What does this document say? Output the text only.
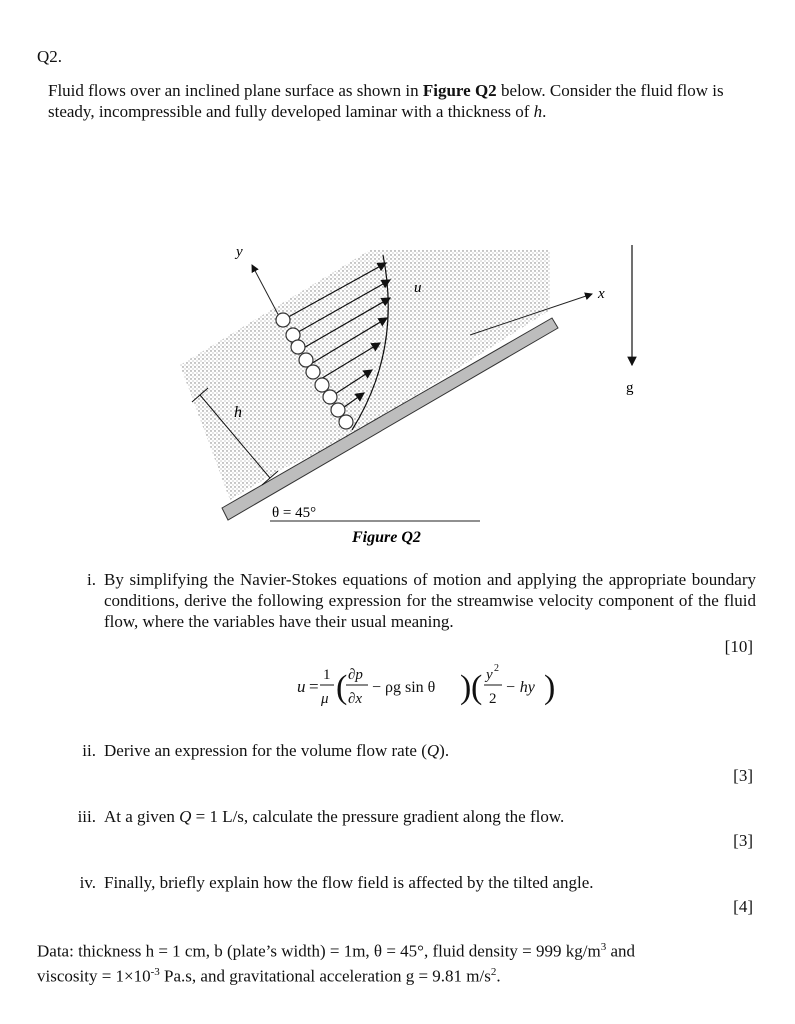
Q2.
Fluid flows over an inclined plane surface as shown in Figure Q2 below. Consider the fluid flow is steady, incompressible and fully developed laminar with a thickness of h.
y
x
u
h
g
θ = 45°
Figure Q2
i. By simplifying the Navier-Stokes equations of motion and applying the appropriate boundary conditions, derive the following expression for the streamwise velocity component of the fluid flow, where the variables have their usual meaning.
[10]
u =
1
μ ( ∂p
∂x
− ρg sin θ ) ( y 2
2
− hy )
ii. Derive an expression for the volume flow rate (Q).
[3]
iii. At a given Q = 1 L/s, calculate the pressure gradient along the flow.
[3]
iv. Finally, briefly explain how the flow field is affected by the tilted angle.
[4]
Data: thickness h = 1 cm, b (plate’s width) = 1m, θ = 45°, fluid density = 999 $kg/m^3$ and
viscosity = $1\times 10^{-3}$ Pa.s, and gravitational acceleration g = 9.81 $m/s^2$.
